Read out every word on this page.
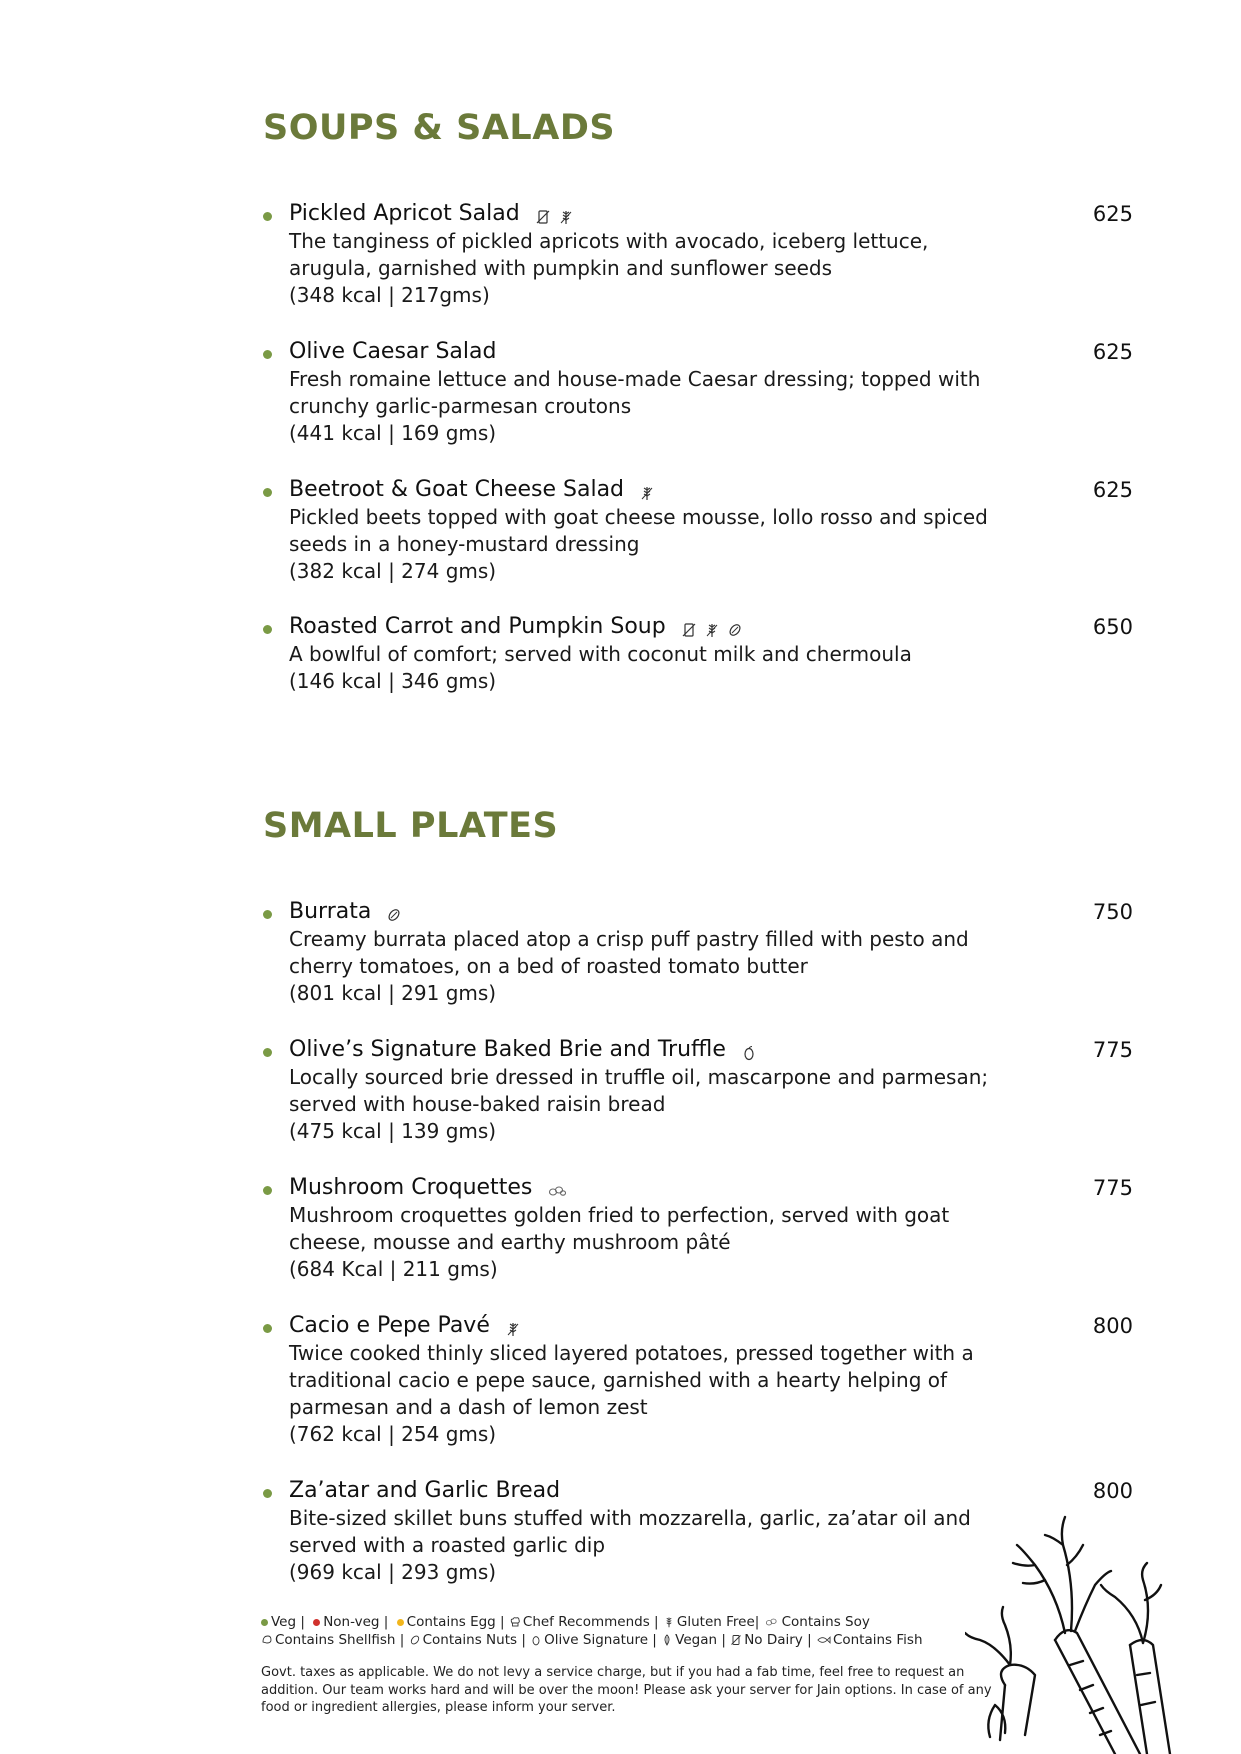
SOUPS & SALADS
Pickled Apricot Salad	625
The tanginess of pickled apricots with avocado, iceberg lettuce, arugula, garnished with pumpkin and sunflower seeds
(348 kcal | 217gms)
Olive Caesar Salad	625
Fresh romaine lettuce and house-made Caesar dressing; topped with crunchy garlic-parmesan croutons
(441 kcal | 169 gms)
Beetroot & Goat Cheese Salad	625
Pickled beets topped with goat cheese mousse, lollo rosso and spiced seeds in a honey-mustard dressing
(382 kcal | 274 gms)
Roasted Carrot and Pumpkin Soup	650
A bowlful of comfort; served with coconut milk and chermoula
(146 kcal | 346 gms)
SMALL PLATES
Burrata	750
Creamy burrata placed atop a crisp puff pastry filled with pesto and cherry tomatoes, on a bed of roasted tomato butter
(801 kcal | 291 gms)
Olive’s Signature Baked Brie and Truffle	775
Locally sourced brie dressed in truffle oil, mascarpone and parmesan; served with house-baked raisin bread
(475 kcal | 139 gms)
Mushroom Croquettes	775
Mushroom croquettes golden fried to perfection, served with goat cheese, mousse and earthy mushroom pâté
(684 Kcal | 211 gms)
Cacio e Pepe Pavé	800
Twice cooked thinly sliced layered potatoes, pressed together with a traditional cacio e pepe sauce, garnished with a hearty helping of parmesan and a dash of lemon zest
(762 kcal | 254 gms)
Za’atar and Garlic Bread	800
Bite-sized skillet buns stuffed with mozzarella, garlic, za’atar oil and served with a roasted garlic dip
(969 kcal | 293 gms)
Veg | Non-veg | Contains Egg | Chef Recommends | Gluten Free| Contains Soy
Contains Shellfish | Contains Nuts | Olive Signature | Vegan | No Dairy | Contains Fish
Govt. taxes as applicable. We do not levy a service charge, but if you had a fab time, feel free to request an addition. Our team works hard and will be over the moon! Please ask your server for Jain options. In case of any food or ingredient allergies, please inform your server.
